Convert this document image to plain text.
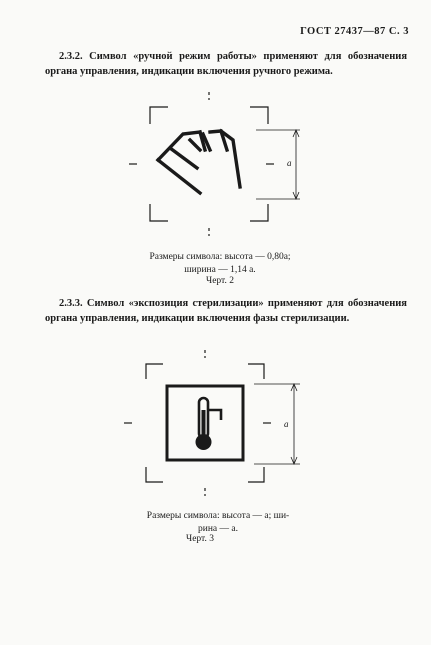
ГОСТ 27437—87 С. 3

2.3.2. Символ «ручной режим работы» применяют для обозначения органа управления, индикации включения ручного режима.

a
Размеры символа: высота — 0,80a;
ширина — 1,14 a.
Черт. 2

2.3.3. Символ «экспозиция стерилизации» применяют для обозначения органа управления, индикации включения фазы стерилизации.

a
Размеры символа: высота — a; ши-
рина — a.
Черт. 3
